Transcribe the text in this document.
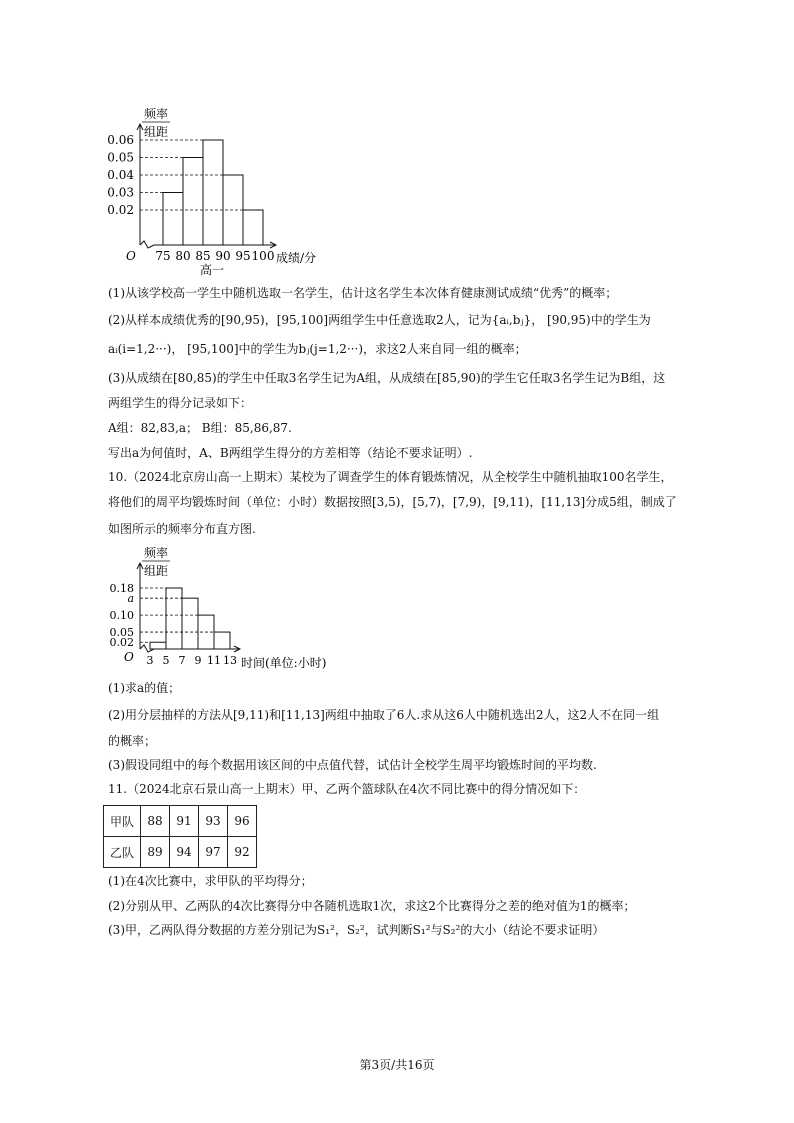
0.06
0.05
0.04
0.03
0.02
75 80 85 90 95 100
频率
组距
O	成绩/分
高一
(1)从该学校高一学生中随机选取一名学生，估计这名学生本次体育健康测试成绩“优秀”的概率；
(2)从样本成绩优秀的[90,95)，[95,100]两组学生中任意选取2人，记为{aᵢ,bⱼ}， [90,95)中的学生为
aᵢ(i=1,2···)， [95,100]中的学生为bⱼ(j=1,2···)，求这2人来自同一组的概率；
(3)从成绩在[80,85)的学生中任取3名学生记为A组，从成绩在[85,90)的学生它任取3名学生记为B组，这
两组学生的得分记录如下：
A组：82,83,a； B组：85,86,87.
写出a为何值时，A、B两组学生得分的方差相等（结论不要求证明）.
10.（2024北京房山高一上期末）某校为了调查学生的体育锻炼情况，从全校学生中随机抽取100名学生，
将他们的周平均锻炼时间（单位：小时）数据按照[3,5)，[5,7)，[7,9)，[9,11)，[11,13]分成5组，制成了
如图所示的频率分布直方图.
0.18
a
0.10
0.05
0.02
3 5 7 9 11 13
频率
组距
O	时间(单位:小时)
(1)求a的值；
(2)用分层抽样的方法从[9,11)和[11,13]两组中抽取了6人.求从这6人中随机选出2人，这2人不在同一组
的概率；
(3)假设同组中的每个数据用该区间的中点值代替，试估计全校学生周平均锻炼时间的平均数.
11.（2024北京石景山高一上期末）甲、乙两个篮球队在4次不同比赛中的得分情况如下：
甲队	88	91	93	96
乙队	89	94	97	92
(1)在4次比赛中，求甲队的平均得分；
(2)分别从甲、乙两队的4次比赛得分中各随机选取1次，求这2个比赛得分之差的绝对值为1的概率；
(3)甲，乙两队得分数据的方差分别记为S₁²，S₂²，试判断S₁²与S₂²的大小（结论不要求证明）
第3页/共16页
